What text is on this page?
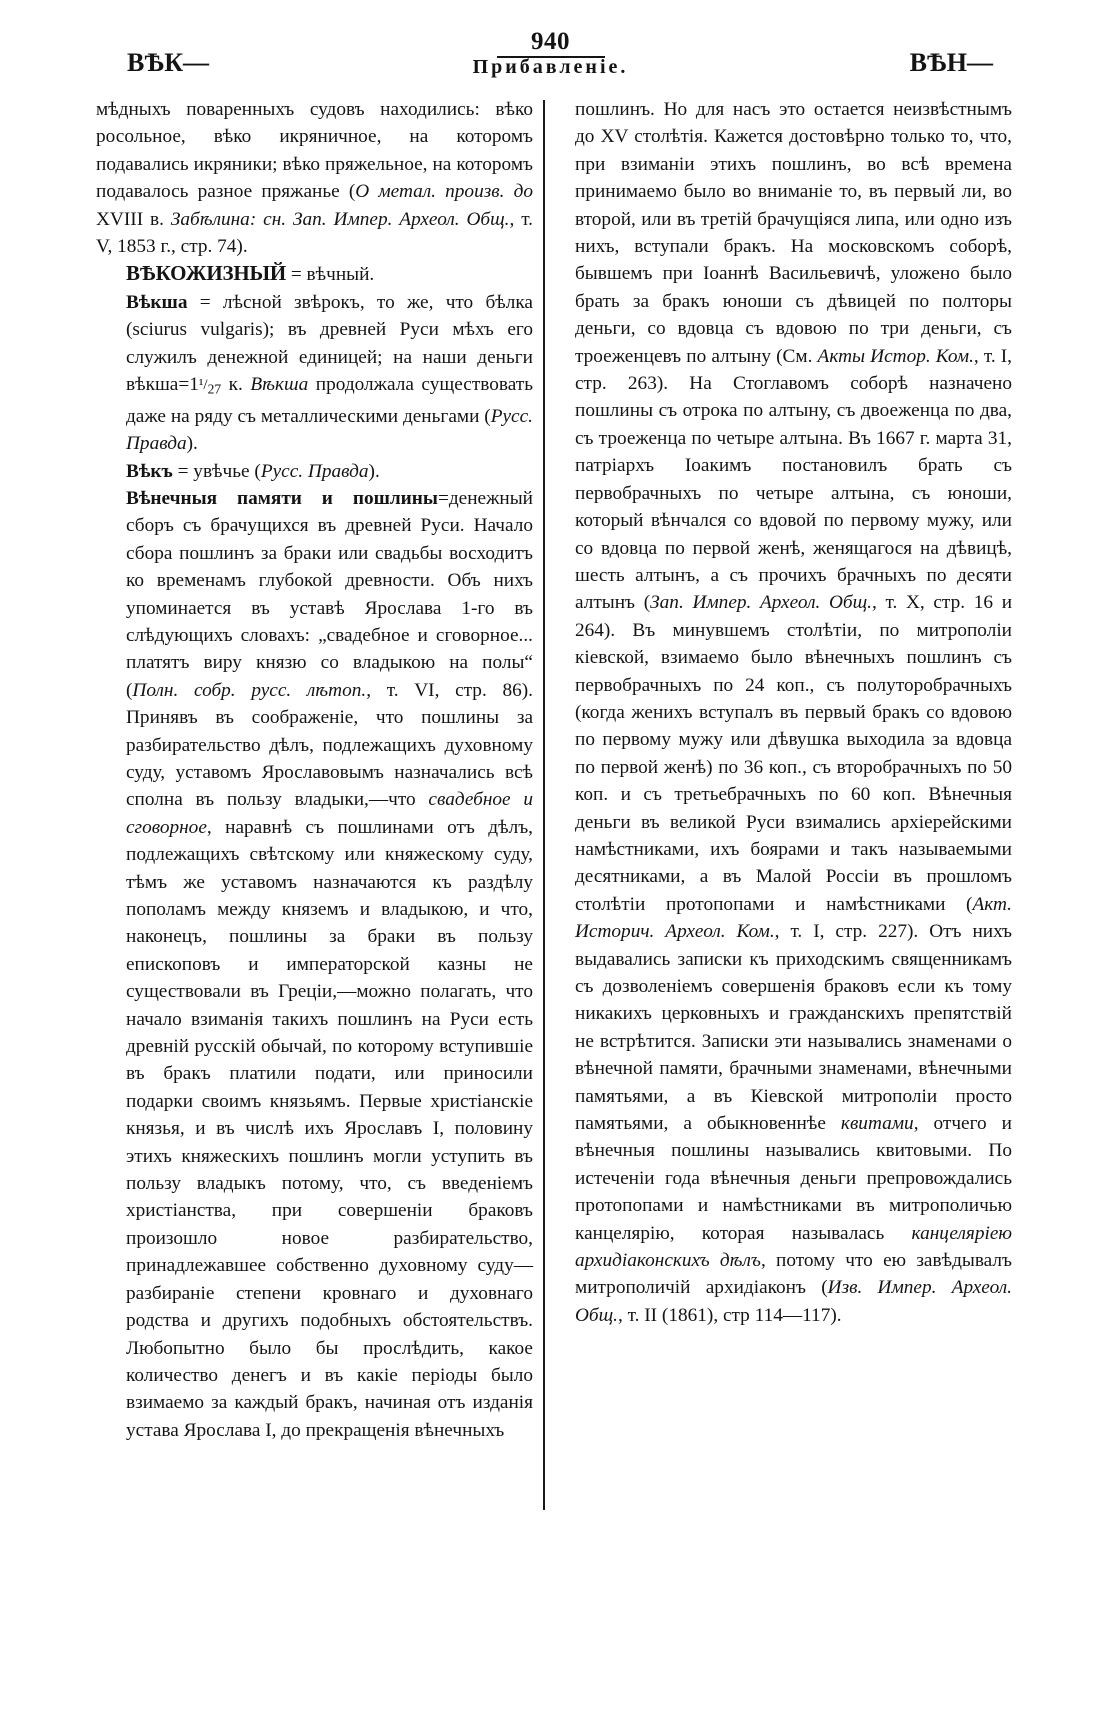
940
ВѢК—	Прибавленіе.	ВѢН—

мѣдныхъ поваренныхъ судовъ находились: вѣко росольное, вѣко икряничное, на которомъ подавались икряники; вѣко пряжельное, на которомъ подавалось разное пряжанье (О метал. произв. до XVIII в. Забѣлина: сн. Зап. Импер. Археол. Общ., т. V, 1853 г., стр. 74).

ВѢКОЖИЗНЫЙ = вѣчный.

Вѣкша = лѣсной звѣрокъ, то же, что бѣлка (sciurus vulgaris); въ древней Руси мѣхъ его служилъ денежной единицей; на наши деньги $вѣкша=1^1/_{27}$ к. Вѣкша продолжала существовать даже на ряду съ металлическими деньгами (Русс. Правда).

Вѣкъ = увѣчье (Русс. Правда).

Вѣнечныя памяти и пошлины=денежный сборъ съ брачущихся въ древней Руси. Начало сбора пошлинъ за браки или свадьбы восходитъ ко временамъ глубокой древности. Объ нихъ упоминается въ уставѣ Ярослава 1-го въ слѣдующихъ словахъ: „свадебное и сговорное... платятъ виру князю со владыкою на полы“ (Полн. собр. русс. лѣтоп., т. VI, стр. 86). Принявъ въ соображеніе, что пошлины за разбирательство дѣлъ, подлежащихъ духовному суду, уставомъ Ярославовымъ назначались всѣ сполна въ пользу владыки,—что свадебное и сговорное, наравнѣ съ пошлинами отъ дѣлъ, подлежащихъ свѣтскому или княжескому суду, тѣмъ же уставомъ назначаются къ раздѣлу пополамъ между княземъ и владыкою, и что, наконецъ, пошлины за браки въ пользу епископовъ и императорской казны не существовали въ Греціи,—можно полагать, что начало взиманія такихъ пошлинъ на Руси есть древній русскій обычай, по которому вступившіе въ бракъ платили подати, или приносили подарки своимъ князьямъ. Первые христіанскіе князья, и въ числѣ ихъ Ярославъ I, половину этихъ княжескихъ пошлинъ могли уступить въ пользу владыкъ потому, что, съ введеніемъ христіанства, при совершеніи браковъ произошло новое разбирательство, принадлежавшее собственно духовному суду—разбираніе степени кровнаго и духовнаго родства и другихъ подобныхъ обстоятельствъ. Любопытно было бы прослѣдить, какое количество денегъ и въ какіе періоды было взимаемо за каждый бракъ, начиная отъ изданія устава Ярослава I, до прекращенія вѣнечныхъ

пошлинъ. Но для насъ это остается неизвѣстнымъ до XV столѣтія. Кажется достовѣрно только то, что, при взиманіи этихъ пошлинъ, во всѣ времена принимаемо было во вниманіе то, въ первый ли, во второй, или въ третій брачущіяся липа, или одно изъ нихъ, вступали бракъ. На московскомъ соборѣ, бывшемъ при Іоаннѣ Васильевичѣ, уложено было брать за бракъ юноши съ дѣвицей по полторы деньги, со вдовца съ вдовою по три деньги, съ троеженцевъ по алтыну (См. Акты Истор. Ком., т. I, стр. 263). На Стоглавомъ соборѣ назначено пошлины съ отрока по алтыну, съ двоеженца по два, съ троеженца по четыре алтына. Въ 1667 г. марта 31, патріархъ Іоакимъ постановилъ брать съ первобрачныхъ по четыре алтына, съ юноши, который вѣнчался со вдовой по первому мужу, или со вдовца по первой женѣ, женящагося на дѣвицѣ, шесть алтынъ, а съ прочихъ брачныхъ по десяти алтынъ (Зап. Импер. Археол. Общ., т. X, стр. 16 и 264). Въ минувшемъ столѣтіи, по митрополіи кіевской, взимаемо было вѣнечныхъ пошлинъ съ первобрачныхъ по 24 коп., съ полуторобрачныхъ (когда женихъ вступалъ въ первый бракъ со вдовою по первому мужу или дѣвушка выходила за вдовца по первой женѣ) по 36 коп., съ второбрачныхъ по 50 коп. и съ третьебрачныхъ по 60 коп. Вѣнечныя деньги въ великой Руси взимались архіерейскими намѣстниками, ихъ боярами и такъ называемыми десятниками, а въ Малой Россіи въ прошломъ столѣтіи протопопами и намѣстниками (Акт. Историч. Археол. Ком., т. I, стр. 227). Отъ нихъ выдавались записки къ приходскимъ священникамъ съ дозволеніемъ совершенія браковъ если къ тому никакихъ церковныхъ и гражданскихъ препятствій не встрѣтится. Записки эти назывались знаменами о вѣнечной памяти, брачными знаменами, вѣнечными памятьями, а въ Кіевской митрополіи просто памятьями, а обыкновеннѣе квитами, отчего и вѣнечныя пошлины назывались квитовыми. По истеченіи года вѣнечныя деньги препровождались протопопами и намѣстниками въ митрополичью канцелярію, которая называлась канцеляріею архидіаконскихъ дѣлъ, потому что ею завѣдывалъ митрополичій архидіаконъ (Изв. Импер. Археол. Общ., т. II (1861), стр 114—117).
